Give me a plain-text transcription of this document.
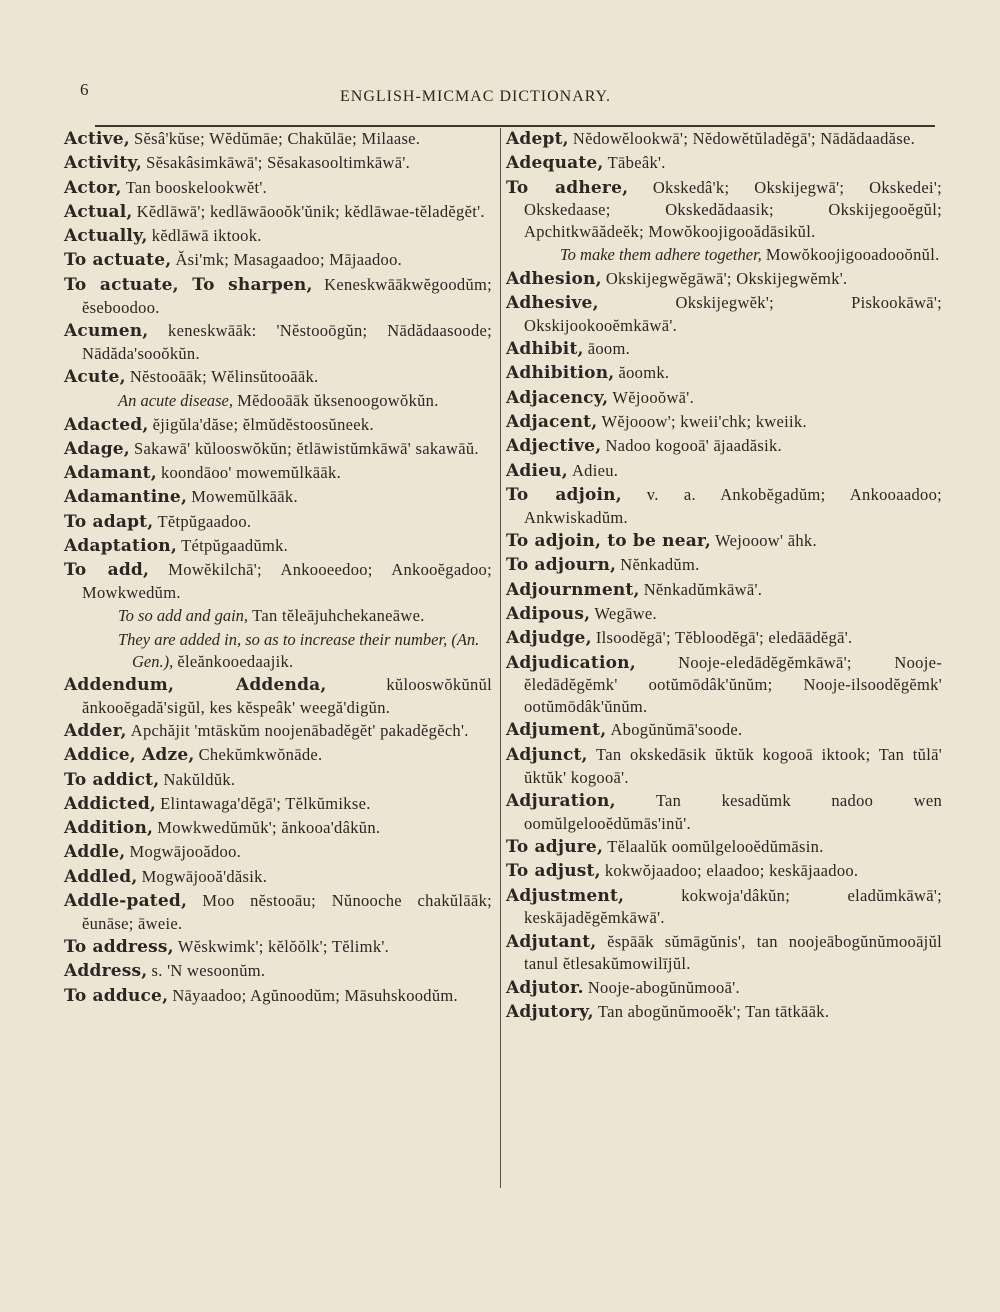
6	ENGLISH-MICMAC DICTIONARY.
Active, Sĕsâ'kŭse; Wĕdŭmāe; Chakŭlāe; Milaase.
Activity, Sĕsakâsimkāwā'; Sĕsakasooltimkāwā'.
Actor, Tan booskelookwĕt'.
Actual, Kĕdlāwā'; kedlāwāooŏk'ŭnik; kĕdlāwae-tĕladĕgĕt'.
Actually, kĕdlāwā iktook.
To actuate, Ăsi'mk; Masagaadoo; Mājaadoo.
To actuate, To sharpen, Keneskwāākwĕgoodŭm; ĕseboodoo.
Acumen, keneskwāāk: 'Nĕstooōgŭn; Nādădaasoode; Nādăda'sooŏkŭn.
Acute, Nĕstooāāk; Wĕlinsŭtooāāk.
An acute disease, Mĕdooāāk ŭksenoogowŏkŭn.
Adacted, ĕjigŭla'dăse; ĕlmŭdĕstoosŭneek.
Adage, Sakawā' kŭlooswŏkŭn; ĕtlāwistŭmkāwā' sakawāŭ.
Adamant, koondāoo' mowemŭlkāāk.
Adamantine, Mowemŭlkāāk.
To adapt, Tĕtpŭgaadoo.
Adaptation, Tétpŭgaadŭmk.
To add, Mowĕkilchā'; Ankooeedoo; Ankooĕgadoo; Mowkwedŭm.
To so add and gain, Tan tĕleājuhchekaneāwe.
They are added in, so as to increase their number, (An. Gen.), ĕleănkooedaajik.
Addendum, Addenda,	kŭlooswŏkŭnŭl ănkooĕgadă'sigŭl, kes kĕspeâk' weegă'digŭn.
Adder, Apchăjit 'mtāskŭm noojenābadĕgĕt' pakadĕgĕch'.
Addice, Adze, Chekŭmkwŏnāde.
To addict, Nakŭldŭk.
Addicted, Elintawaga'dĕgā'; Tĕlkŭmikse.
Addition, Mowkwedŭmŭk'; ănkooa'dâkŭn.
Addle, Mogwājooădoo.
Addled, Mogwājooă'dăsik.
Addle-pated, Moo nĕstooāu; Nŭnooche chakŭlāāk; ĕunāse; āweie.
To address, Wĕskwimk'; kĕlŏŏlk'; Tĕlimk'.
Address, s. 'N wesoonŭm.
To adduce, Nāyaadoo; Agŭnoodŭm; Māsuhskoodŭm.
Adept, Nĕdowĕlookwā'; Nĕdowĕtŭladĕgā'; Nādădaadăse.
Adequate, Tābeâk'.
To adhere, Okskedâ'k; Okskijegwā'; Okskedei'; Okskedaase; Okskedădaasik; Okskijegooĕgŭl; Apchitkwāădeĕk; Mowŏkoojigooădāsikŭl.
To make them adhere together, Mowŏkoojigooadooŏnŭl.
Adhesion, Okskijegwĕgāwā'; Okskijegwĕmk'.
Adhesive,	Okskijegwĕk'; Piskookāwā'; Okskijookooĕmkāwā'.
Adhibit, āoom.
Adhibition, ăoomk.
Adjacency, Wĕjooŏwā'.
Adjacent, Wĕjooow'; kweii'chk; kweiik.
Adjective, Nadoo kogooā' ājaadăsik.
Adieu, Adieu.
To adjoin, v. a. Ankobĕgadŭm; Ankooaadoo; Ankwiskadŭm.
To adjoin, to be near, Wejooow' āhk.
To adjourn, Nĕnkadŭm.
Adjournment, Nĕnkadŭmkāwā'.
Adipous, Wegāwe.
Adjudge, Ilsoodĕgā'; Tĕbloodĕgā'; eledāādĕgā'.
Adjudication,	Nooje-eledādĕgĕmkāwā'; Nooje-ĕledādĕgĕmk' ootŭmōdâk'ŭnŭm; Nooje-ilsoodĕgĕmk' ootŭmōdâk'ŭnŭm.
Adjument, Abogŭnŭmā'soode.
Adjunct, Tan okskedāsik ŭktŭk kogooā iktook; Tan tŭlā' ŭktŭk' kogooā'.
Adjuration, Tan kesadŭmk nadoo wen oomŭlgelooĕdŭmās'inŭ'.
To adjure, Tĕlaalŭk oomŭlgelooĕdŭmāsin.
To adjust, kokwŏjaadoo; elaadoo; keskājaadoo.
Adjustment,	kokwoja'dâkŭn; eladŭmkāwā'; keskājadĕgĕmkāwā'.
Adjutant, ĕspāāk sŭmāgŭnis', tan noojeābogŭnŭmooājŭl tanul ĕtlesakŭmowilījŭl.
Adjutor. Nooje-abogŭnŭmooā'.
Adjutory, Tan abogŭnŭmooĕk'; Tan tātkāāk.
